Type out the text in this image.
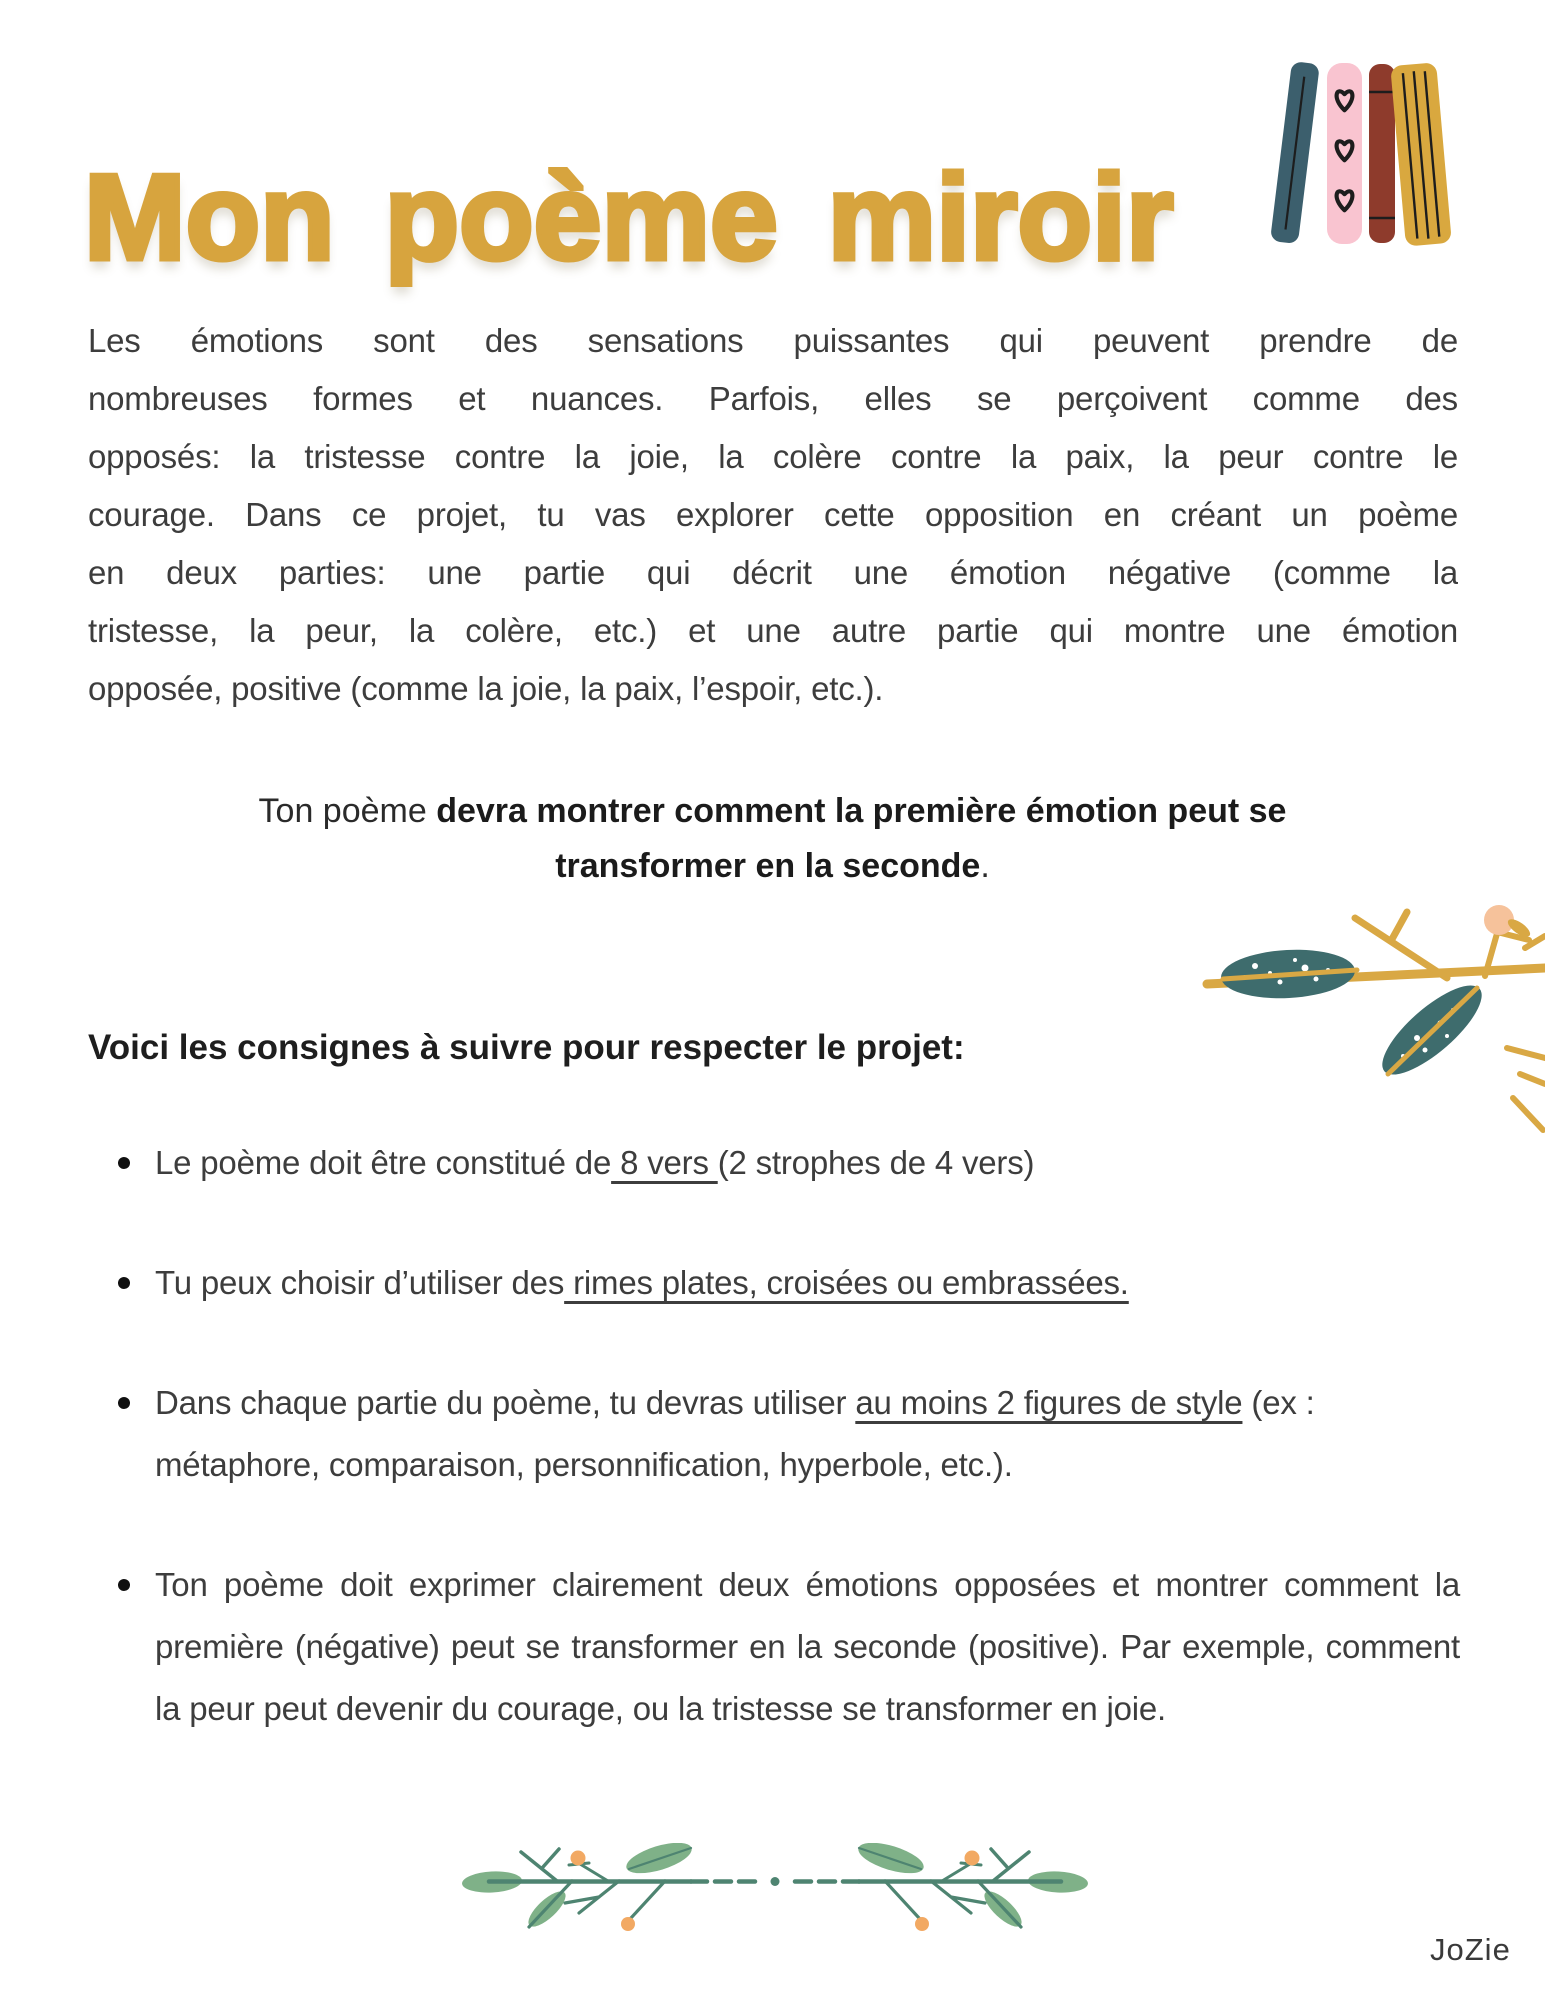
Mon poème miroir
Les émotions sont des sensations puissantes qui peuvent prendre de
nombreuses formes et nuances. Parfois, elles se perçoivent comme des
opposés: la tristesse contre la joie, la colère contre la paix, la peur contre le
courage. Dans ce projet, tu vas explorer cette opposition en créant un poème
en deux parties: une partie qui décrit une émotion négative (comme la
tristesse, la peur, la colère, etc.) et une autre partie qui montre une émotion
opposée, positive (comme la joie, la paix, l’espoir, etc.).
Ton poème devra montrer comment la première émotion peut se transformer en la seconde.
Voici les consignes à suivre pour respecter le projet:
Le poème doit être constitué de 8 vers (2 strophes de 4 vers)
Tu peux choisir d’utiliser des rimes plates, croisées ou embrassées.
Dans chaque partie du poème, tu devras utiliser au moins 2 figures de style (ex : métaphore, comparaison, personnification, hyperbole, etc.).
Ton poème doit exprimer clairement deux émotions opposées et montrer comment la première (négative) peut se transformer en la seconde (positive). Par exemple, comment la peur peut devenir du courage, ou la tristesse se transformer en joie.
JoZie
